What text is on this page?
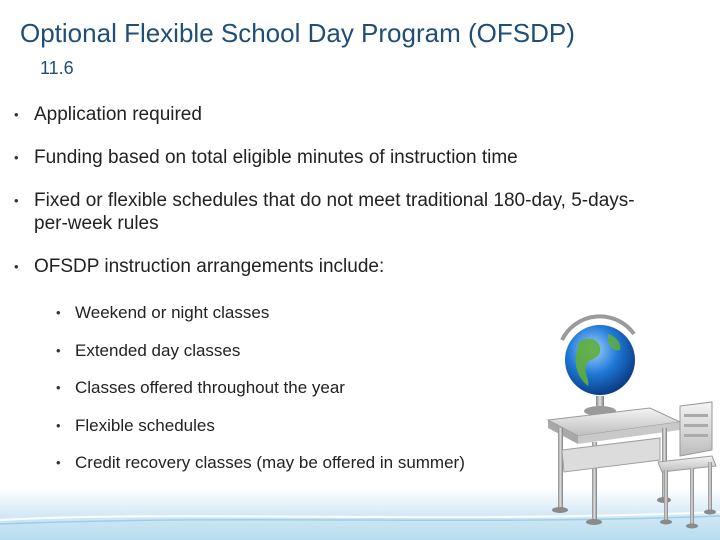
Optional Flexible School Day Program (OFSDP)
11.6
• Application required
• Funding based on total eligible minutes of instruction time
• Fixed or flexible schedules that do not meet traditional 180-day, 5-days-per-week rules
• OFSDP instruction arrangements include:
• Weekend or night classes
• Extended day classes
• Classes offered throughout the year
• Flexible schedules
• Credit recovery classes (may be offered in summer)
